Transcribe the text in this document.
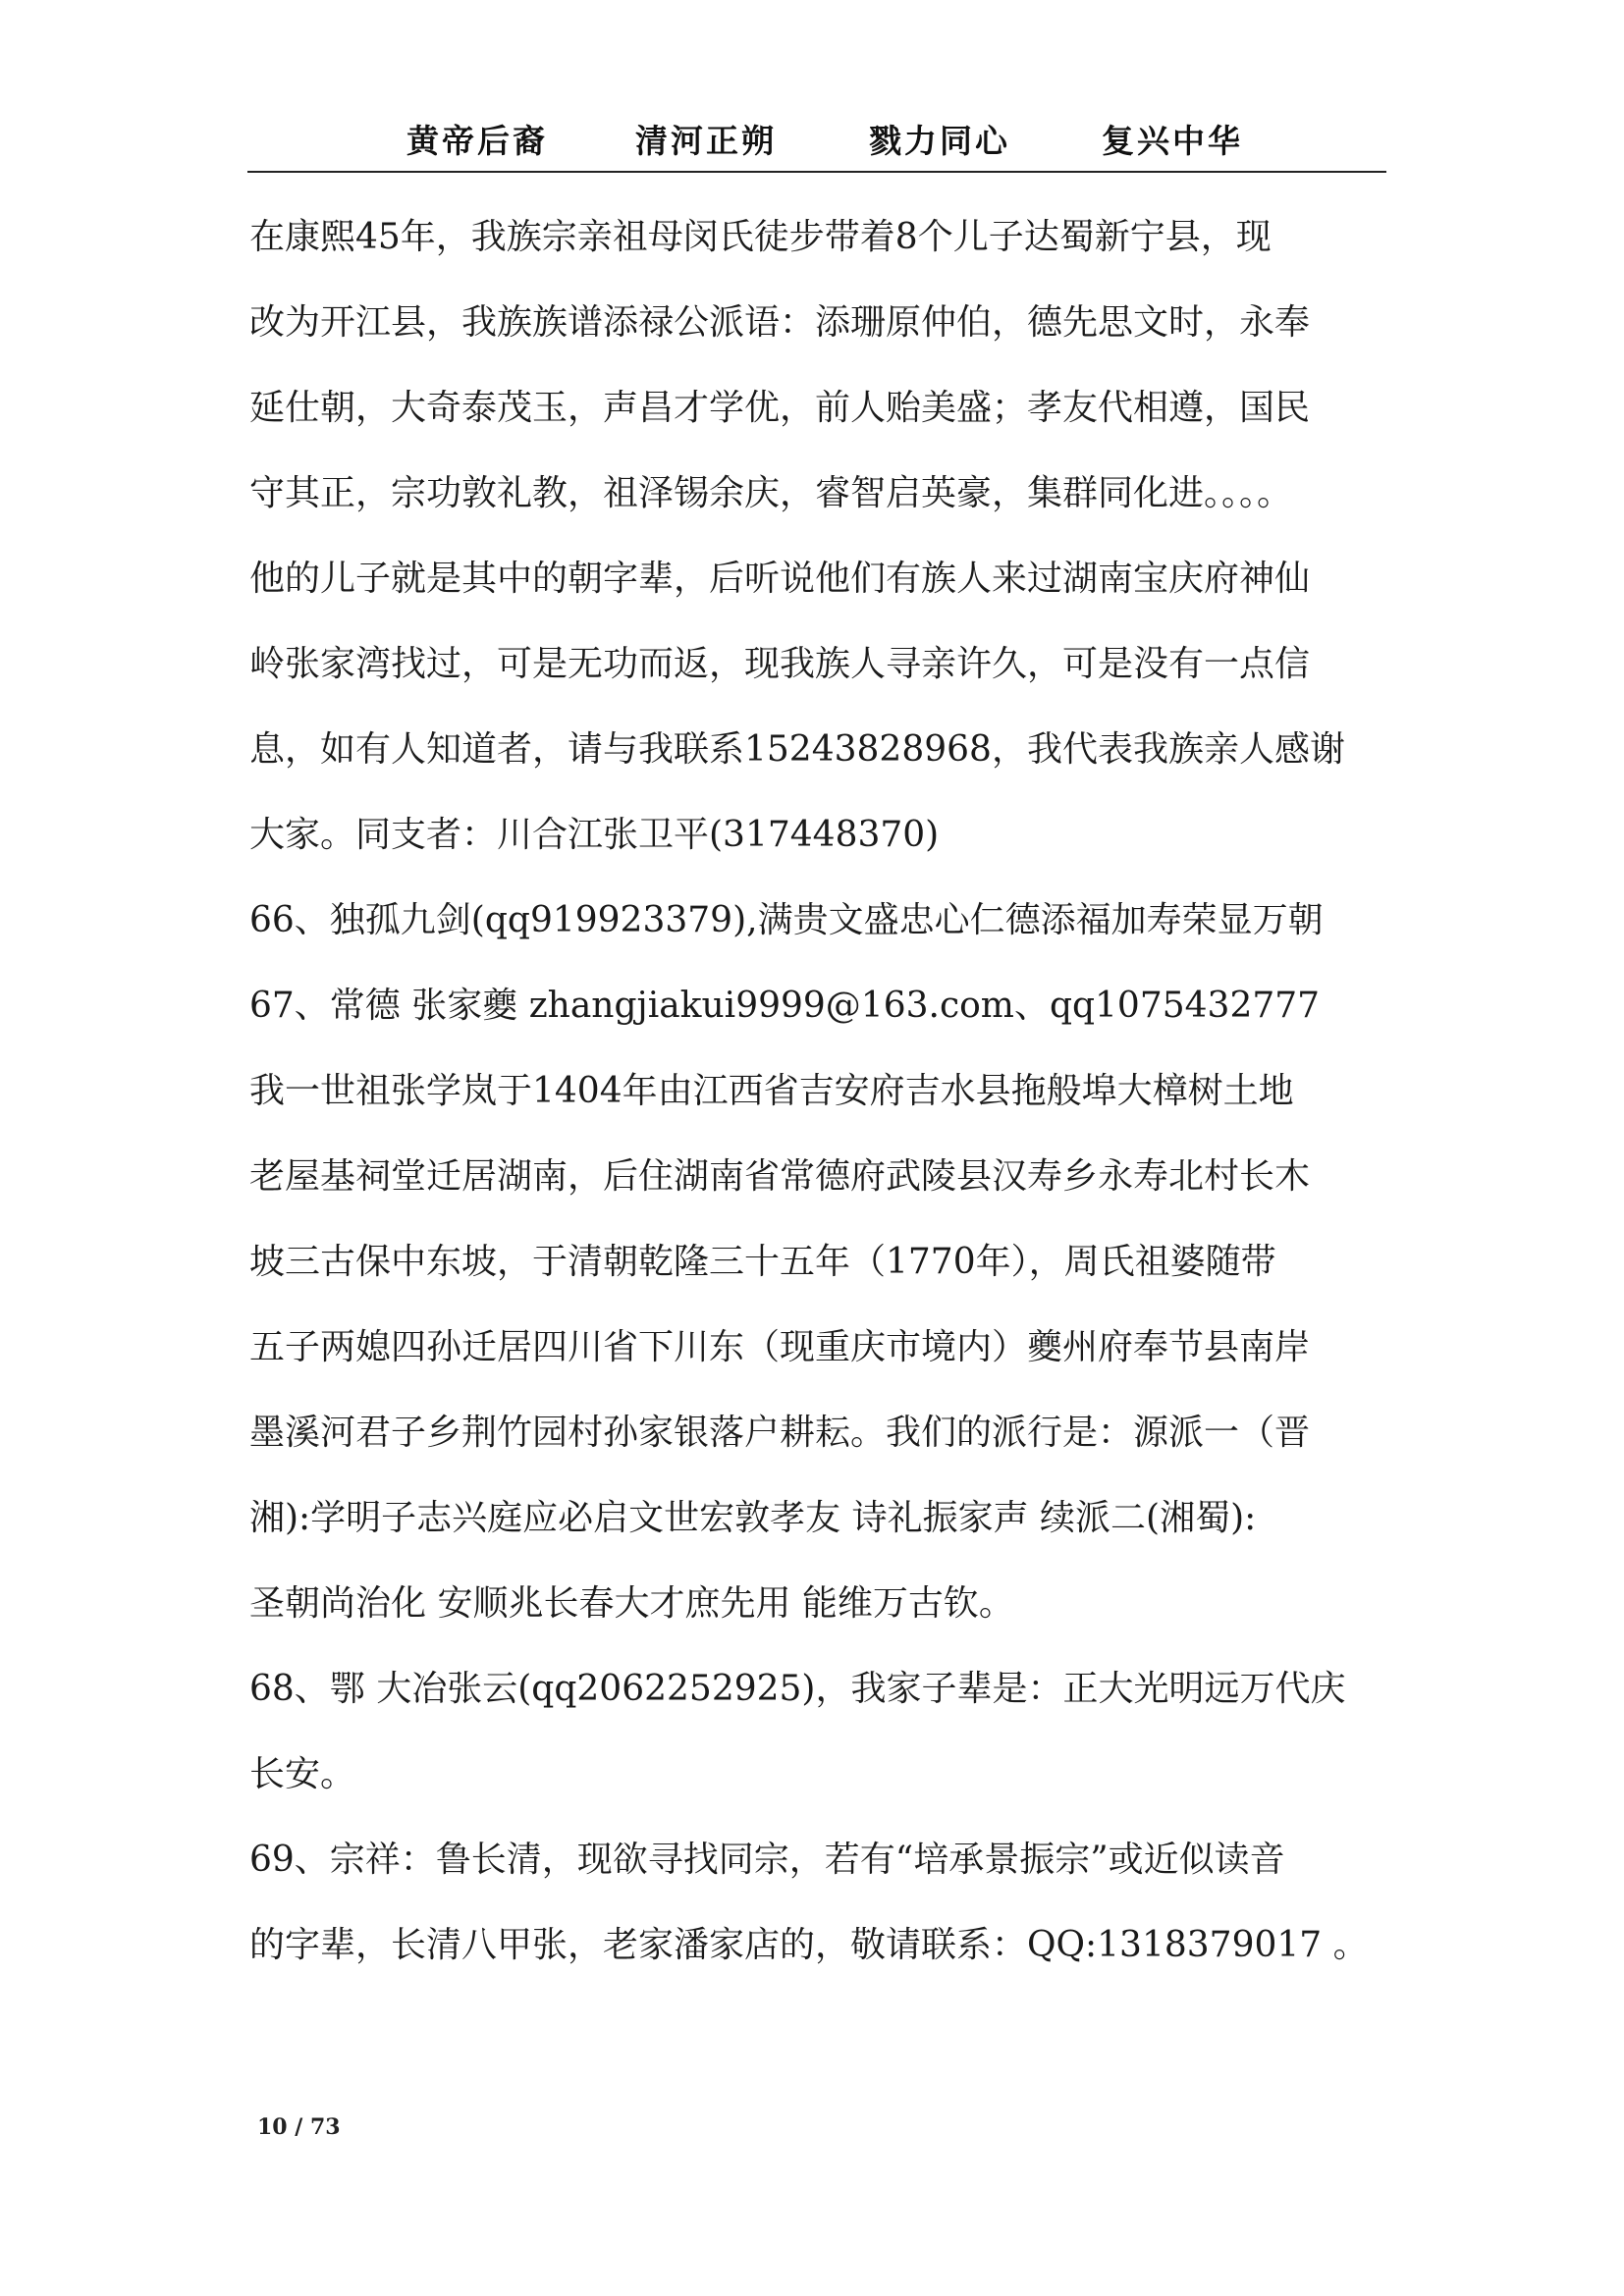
黄帝后裔	清河正朔	戮力同心	复兴中华
在康熙45年，我族宗亲祖母闵氏徒步带着8个儿子达蜀新宁县，现
改为开江县，我族族谱添禄公派语：添珊原仲伯，德先思文时，永奉
延仕朝，大奇泰茂玉，声昌才学优，前人贻美盛；孝友代相遵，国民
守其正，宗功敦礼教，祖泽锡余庆，睿智启英豪，集群同化进。。。。
他的儿子就是其中的朝字辈，后听说他们有族人来过湖南宝庆府神仙
岭张家湾找过，可是无功而返，现我族人寻亲许久，可是没有一点信
息，如有人知道者，请与我联系15243828968，我代表我族亲人感谢
大家。同支者：川合江张卫平(317448370)
66、独孤九剑(qq919923379),满贵文盛忠心仁德添福加寿荣显万朝
67、常德 张家夔 zhangjiakui9999@163.com、qq1075432777
我一世祖张学岚于1404年由江西省吉安府吉水县拖般埠大樟树土地
老屋基祠堂迁居湖南，后住湖南省常德府武陵县汉寿乡永寿北村长木
坡三古保中东坡，于清朝乾隆三十五年（1770年），周氏祖婆随带
五子两媳四孙迁居四川省下川东（现重庆市境内）夔州府奉节县南岸
墨溪河君子乡荆竹园村孙家银落户耕耘。我们的派行是：源派一（晋
湘):学明子志兴庭应必启文世宏敦孝友 诗礼振家声 续派二(湘蜀):
圣朝尚治化 安顺兆长春大才庶先用 能维万古钦。
68、鄂 大冶张云(qq2062252925)，我家子辈是：正大光明远万代庆
长安。
69、宗祥：鲁长清，现欲寻找同宗，若有“培承景振宗”或近似读音
的字辈，长清八甲张，老家潘家店的，敬请联系：QQ:1318379017 。
10 / 73
